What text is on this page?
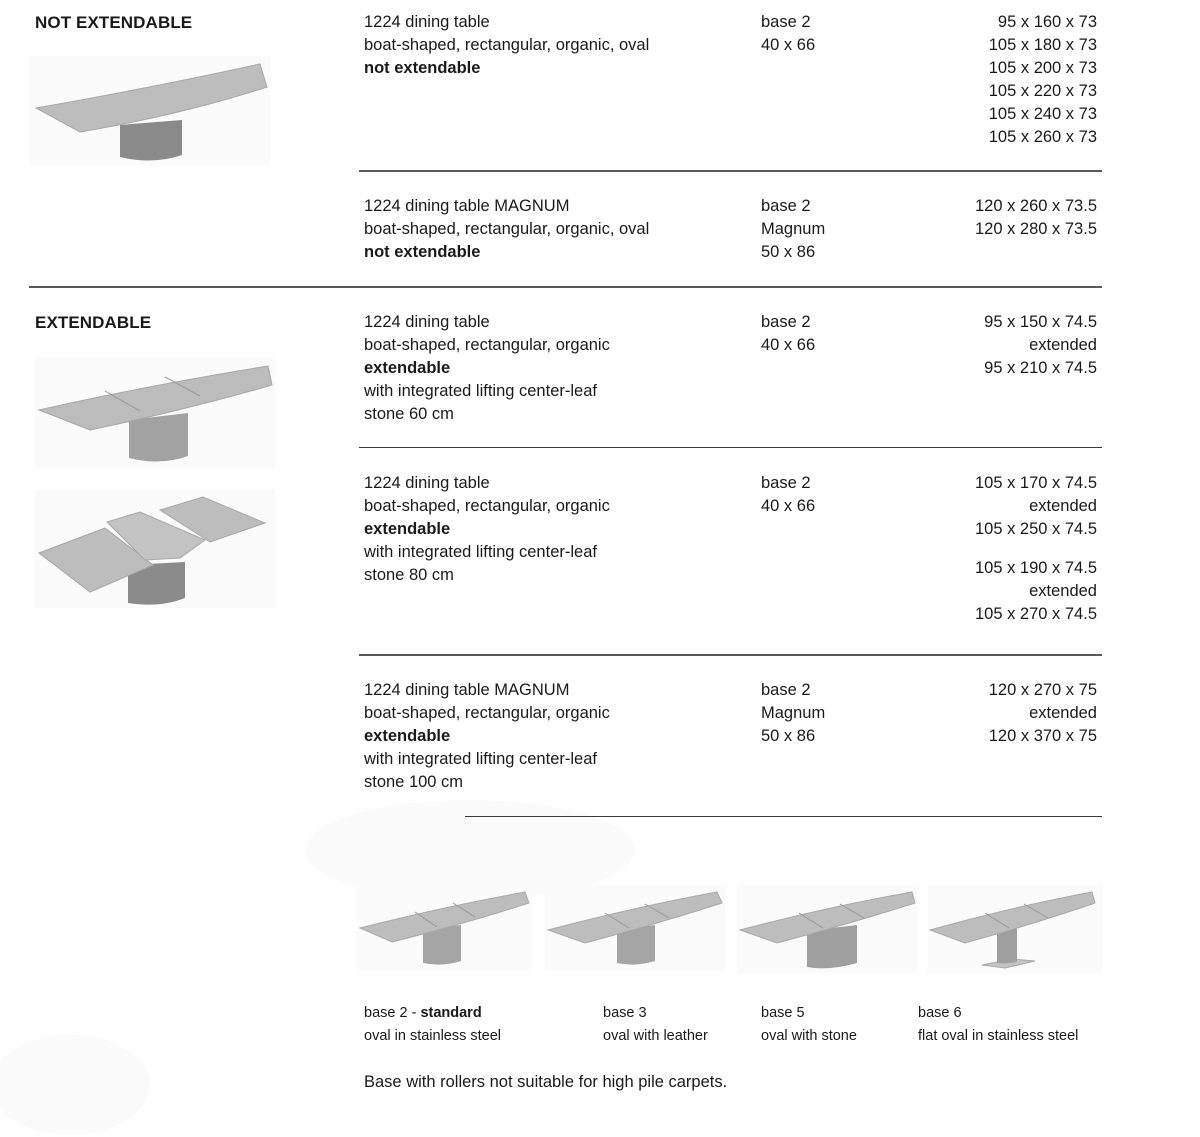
NOT EXTENDABLE	1224 dining table
boat-shaped, rectangular, organic, oval
not extendable
base 2
40 x 66
95 x 160 x 73
105 x 180 x 73
105 x 200 x 73
105 x 220 x 73
105 x 240 x 73
105 x 260 x 73
1224 dining table MAGNUM
boat-shaped, rectangular, organic, oval
not extendable
base 2
Magnum
50 x 86
120 x 260 x 73.5
120 x 280 x 73.5
EXTENDABLE	1224 dining table
boat-shaped, rectangular, organic
extendable
with integrated lifting center-leaf
stone 60 cm
base 2
40 x 66
95 x 150 x 74.5
extended
95 x 210 x 74.5
1224 dining table
boat-shaped, rectangular, organic
extendable
with integrated lifting center-leaf
stone 80 cm
base 2
40 x 66
105 x 170 x 74.5
extended
105 x 250 x 74.5
105 x 190 x 74.5
extended
105 x 270 x 74.5
1224 dining table MAGNUM
boat-shaped, rectangular, organic
extendable
with integrated lifting center-leaf
stone 100 cm
base 2
Magnum
50 x 86
120 x 270 x 75
extended
120 x 370 x 75
base 2 - standard
oval in stainless steel
base 3
oval with leather
base 5
oval with stone
base 6
flat oval in stainless steel
Base with rollers not suitable for high pile carpets.
